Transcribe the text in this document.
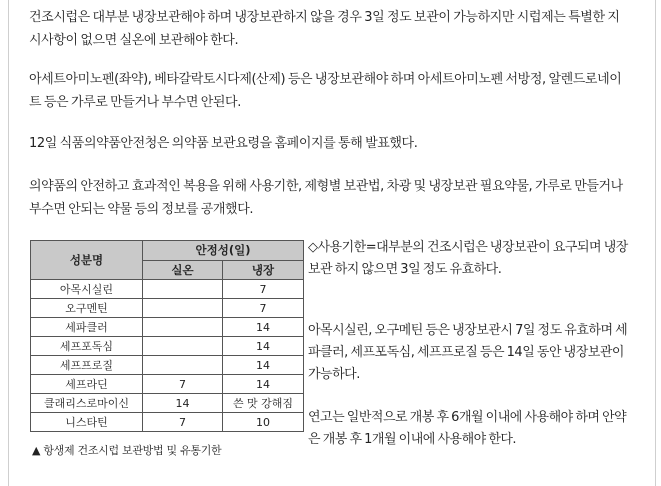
건조시럽은 대부분 냉장보관해야 하며 냉장보관하지 않을 경우 3일 정도 보관이 가능하지만 시럽제는 특별한 지시사항이 없으면 실온에 보관해야 한다.

아세트아미노펜(좌약), 베타갈락토시다제(산제) 등은 냉장보관해야 하며 아세트아미노펜 서방정, 알렌드로네이트 등은 가루로 만들거나 부수면 안된다.

12일 식품의약품안전청은 의약품 보관요령을 홈페이지를 통해 발표했다.

의약품의 안전하고 효과적인 복용을 위해 사용기한, 제형별 보관법, 차광 및 냉장보관 필요약물, 가루로 만들거나 부수면 안되는 약물 등의 정보를 공개했다.

성분명	안정성(일)	
	실온	냉장
아목시실린		7
오구멘틴		7
세파클러		14
세프포독심		14
세프프로질		14
세프라딘	7	14
클래리스로마이신	14	쓴 맛 강해짐
니스타틴	7	10
▲ 항생제 건조시럽 보관방법 및 유통기한

◇사용기한=대부분의 건조시럽은 냉장보관이 요구되며 냉장보관 하지 않으면 3일 정도 유효하다.

아목시실린, 오구메틴 등은 냉장보관시 7일 정도 유효하며 세파클러, 세프포독심, 세프프로질 등은 14일 동안 냉장보관이 가능하다.

연고는 일반적으로 개봉 후 6개월 이내에 사용해야 하며 안약은 개봉 후 1개월 이내에 사용해야 한다.
